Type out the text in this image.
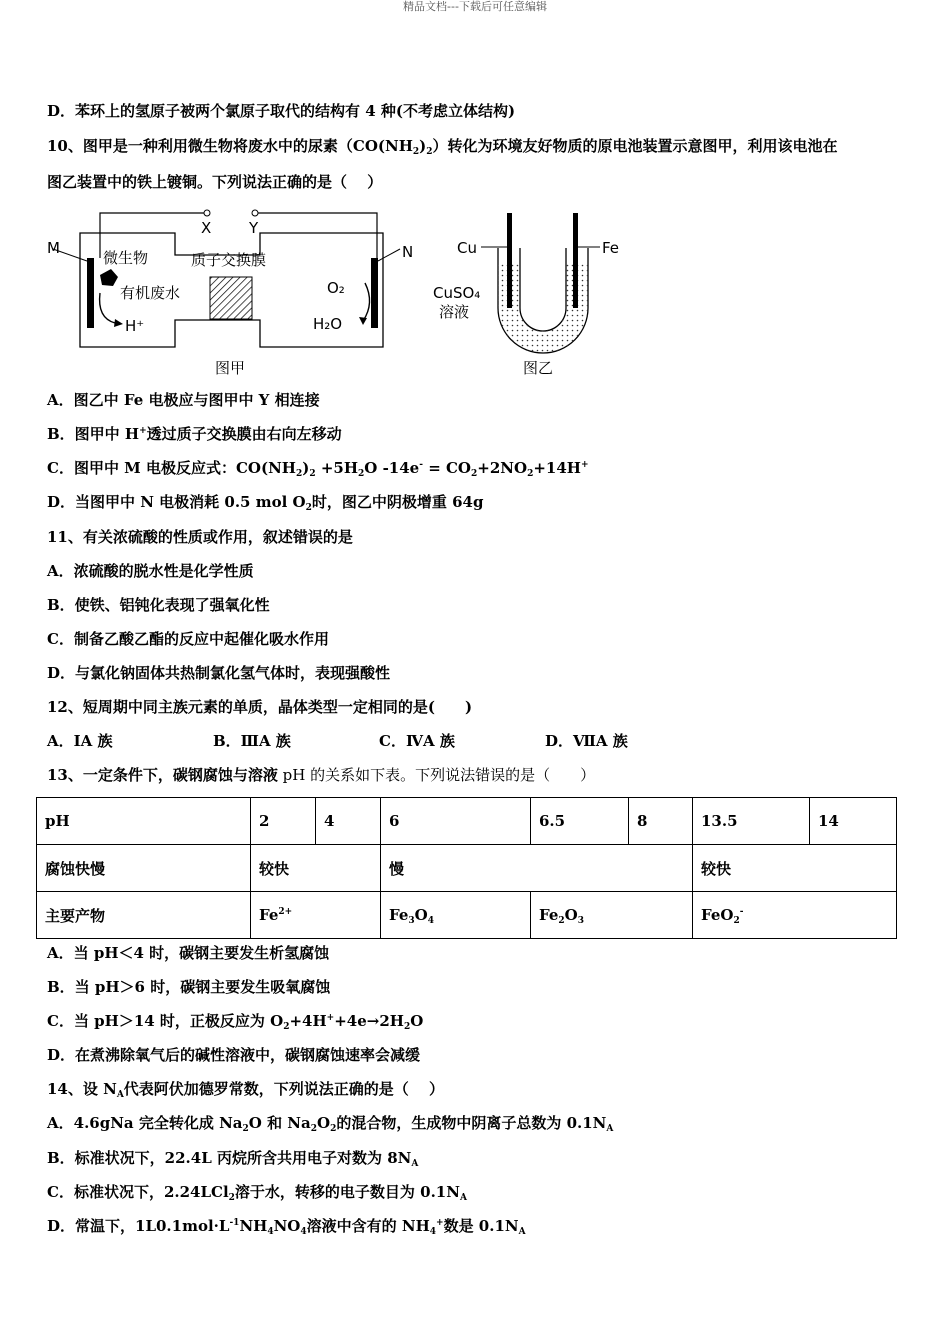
精品文档---下载后可任意编辑
D．苯环上的氢原子被两个氯原子取代的结构有 4 种(不考虑立体结构)
10、图甲是一种利用微生物将废水中的尿素$(CO(NH_2)_2)$转化为环境友好物质的原电池装置示意图甲，利用该电池在
图乙装置中的铁上镀铜。下列说法正确的是（　 ）
X	Y
M	N
微生物	质子交换膜
有机废水
H⁺
O₂
H₂O
图甲
Cu	Fe
CuSO₄
溶液
图乙
A．图乙中 Fe 电极应与图甲中 Y 相连接
B．图甲中 H+透过质子交换膜由右向左移动
C．图甲中 M 电极反应式：$CO(NH_2)_2 +5H_2O$ $-14e^- = CO_2+2NO_2+14H^+$
D．当图甲中 N 电极消耗 0.5 mol $O_2$时，图乙中阴极增重 64g
11、有关浓硫酸的性质或作用，叙述错误的是
A．浓硫酸的脱水性是化学性质
B．使铁、铝钝化表现了强氧化性
C．制备乙酸乙酯的反应中起催化吸水作用
D．与氯化钠固体共热制氯化氢气体时，表现强酸性
12、短周期中同主族元素的单质，晶体类型一定相同的是(　　)
A．ⅠA 族	B．ⅢA 族	C．ⅣA 族	D．ⅦA 族
13、一定条件下，碳钢腐蚀与溶液 pH 的关系如下表。下列说法错误的是（　　）
pH	2	4	6	6.5	8	13.5	14
腐蚀快慢	较快		慢			较快	
主要产物	$Fe^{2+}$		$Fe_3O_4$	$Fe_2O_3$		FeO$_2$-
A．当 pH＜4 时，碳钢主要发生析氢腐蚀
B．当 pH＞6 时，碳钢主要发生吸氧腐蚀
C．当 pH＞14 时，正极反应为 $O_2+4H^++4e\to 2H_2O$
D．在煮沸除氧气后的碱性溶液中，碳钢腐蚀速率会减缓
14、设 $N_A$代表阿伏加德罗常数，下列说法正确的是（　 ）
A．4.6gNa 完全转化成 $Na_2O$ 和 $Na_2O_2$的混合物，生成物中阴离子总数为 $0.1N_A$
B．标准状况下，22.4L 丙烷所含共用电子对数为 $8N_A$
C．标准状况下，2.24LCl$_2$溶于水，转移的电子数目为 $0.1N_A$
D．常温下，$1L0.1mol\cdot L^{-1}NH_4NO_4$溶液中含有的 $NH_4^+$数是 $0.1N_A$
